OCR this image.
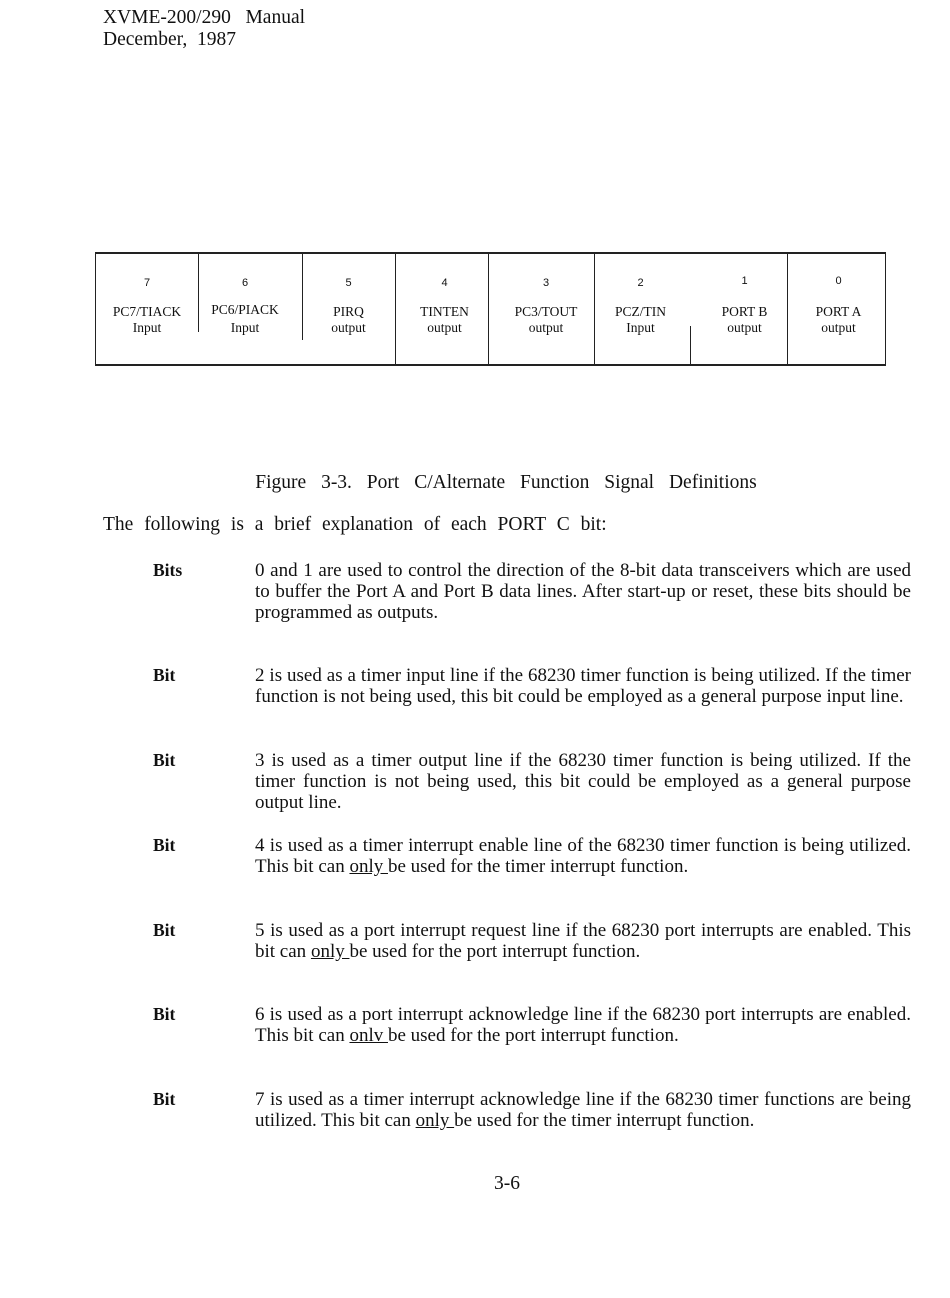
XVME-200/290   Manual
December,  1987
7
PC7/TIACK
Input
6
PC6/PIACK
Input
5
PIRQ
output
4
TINTEN
output
3
PC3/TOUT
output
2
PCZ/TIN
Input
1
PORT B
output
0
PORT A
output
Figure 3-3. Port C/Alternate Function Signal Definitions
The following is a brief explanation of each PORT C bit:
Bits	0 and 1 are used to control the direction of the 8-bit data transceivers which are used to buffer the Port A and Port B data lines. After start-up or reset, these bits should be programmed as outputs.
Bit	2 is used as a timer input line if the 68230 timer function is being utilized. If the timer function is not being used, this bit could be employed as a general purpose input line.
Bit	3 is used as a timer output line if the 68230 timer function is being utilized. If the timer function is not being used, this bit could be employed as a general purpose output line.
Bit	4 is used as a timer interrupt enable line of the 68230 timer function is being utilized. This bit can only be used for the timer interrupt function.
Bit	5 is used as a port interrupt request line if the 68230 port interrupts are enabled. This bit can only be used for the port interrupt function.
Bit	6 is used as a port interrupt acknowledge line if the 68230 port interrupts are enabled. This bit can onlv be used for the port interrupt function.
Bit	7 is used as a timer interrupt acknowledge line if the 68230 timer functions are being utilized. This bit can only be used for the timer interrupt function.
3-6
